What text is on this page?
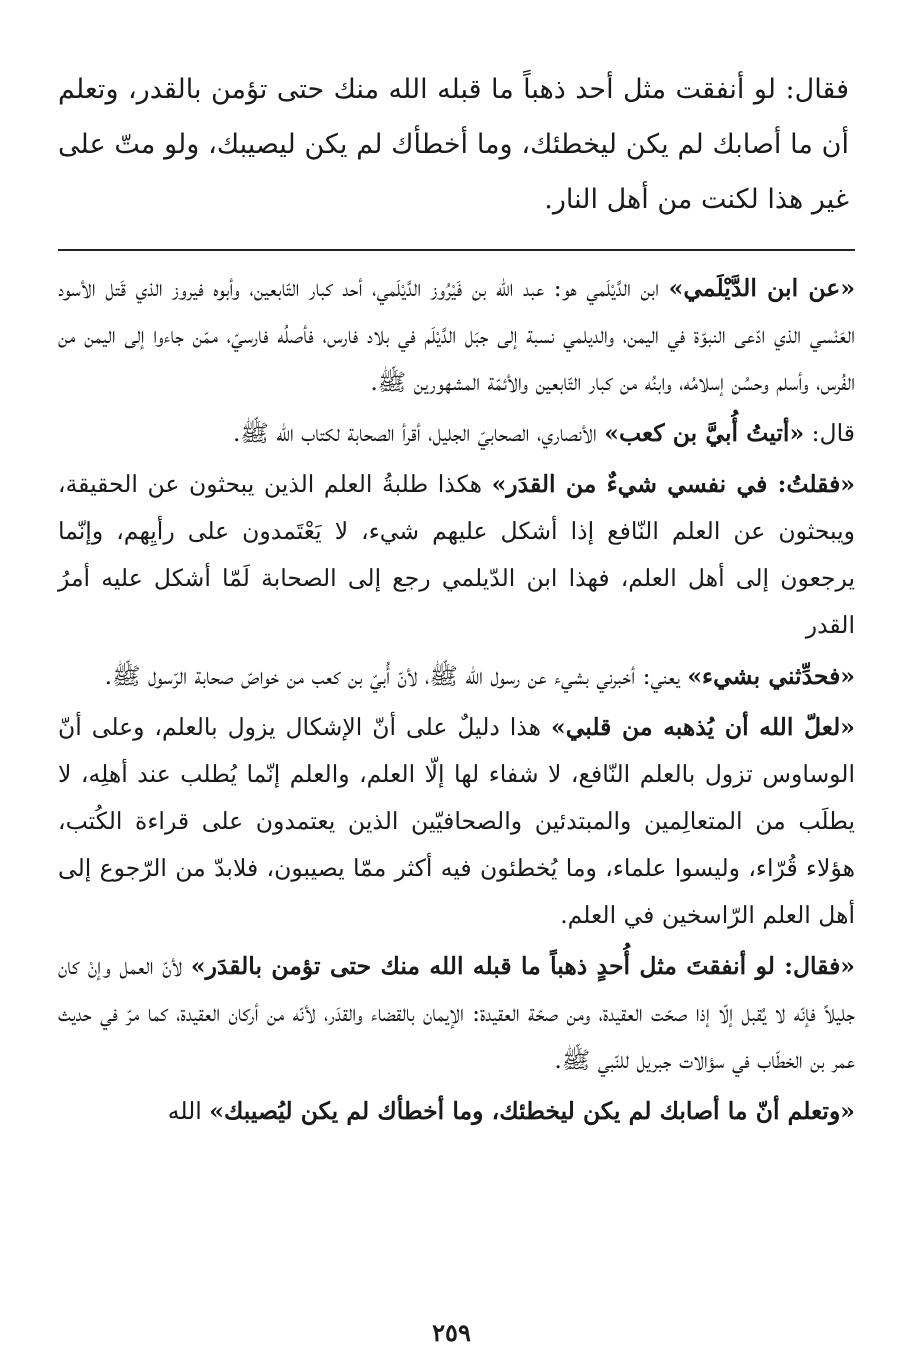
فقال: لو أنفقت مثل أحد ذهباً ما قبله الله منك حتى تؤمن بالقدر، وتعلم أن ما أصابك لم يكن ليخطئك، وما أخطأك لم يكن ليصيبك، ولو متّ على غير هذا لكنت من أهل النار.

«عن ابن الدَّيْلَمي» ابن الدَّيْلَمي هو: عبد الله بن فَيْرُوز الدَّيْلَمي، أحد كبار التّابعين، وأبوه فيروز الذي قَتل الأسود العَنْسي الذي ادّعى النبوّة في اليمن، والديلمي نسبة إلى جبَل الدَّيْلَم في بلاد فارس، فأصلُه فارسيّ، ممّن جاءوا إلى اليمن من الفُرس، وأسلم وحسُن إسلامُه، وابنُه من كبار التّابعين والأئمّة المشهورين ﷺ.

قال: «أتيتُ أُبيَّ بن كعب» الأنصاري، الصحابيّ الجليل، أقرأ الصحابة لكتاب الله ﷺ.

«فقلتُ: في نفسي شيءٌ من القدَر» هكذا طلبةُ العلم الذين يبحثون عن الحقيقة، ويبحثون عن العلم النّافع إذا أشكل عليهم شيء، لا يَعْتَمدون على رأيِهم، وإنّما يرجعون إلى أهل العلم، فهذا ابن الدّيلمي رجع إلى الصحابة لَمّا أشكل عليه أمرُ القدر

«فحدِّثني بشيء» يعني: أخبرني بشيء عن رسول الله ﷺ، لأنّ أُبيّ بن كعب من خواصّ صحابة الرّسول ﷺ.

«لعلّ الله أن يُذهبه من قلبي» هذا دليلٌ على أنّ الإشكال يزول بالعلم، وعلى أنّ الوساوس تزول بالعلم النّافع، لا شفاء لها إلّا العلم، والعلم إنّما يُطلب عند أهلِه، لا يطلَب من المتعالِمين والمبتدئين والصحافيّين الذين يعتمدون على قراءة الكُتب، هؤلاء قُرّاء، وليسوا علماء، وما يُخطئون فيه أكثر ممّا يصيبون، فلابدّ من الرّجوع إلى أهل العلم الرّاسخين في العلم.

«فقال: لو أنفقتَ مثل أُحدٍ ذهباً ما قبله الله منك حتى تؤمن بالقدَر» لأنّ العمل وإنْ كان جليلاً فإنّه لا يُقبل إلّا إذا صحّت العقيدة، ومن صحّة العقيدة: الإيمان بالقضاء والقدَر، لأنّه من أركان العقيدة، كما مرّ في حديث عمر بن الخطّاب في سؤالات جبريل للنّبي ﷺ.

«وتعلم أنّ ما أصابك لم يكن ليخطئك، وما أخطأك لم يكن ليُصيبك» الله

٢٥٩
